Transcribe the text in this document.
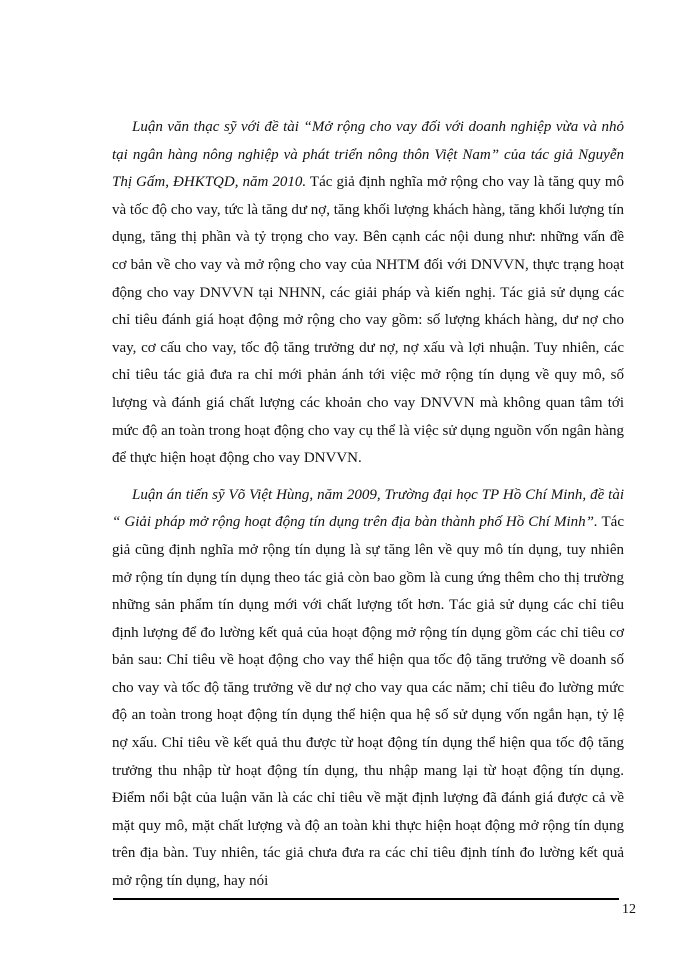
Luận văn thạc sỹ với đề tài “Mở rộng cho vay đối với doanh nghiệp vừa và nhỏ tại ngân hàng nông nghiệp và phát triển nông thôn Việt Nam” của tác giả Nguyễn Thị Gấm, ĐHKTQD, năm 2010. Tác giả định nghĩa mở rộng cho vay là tăng quy mô và tốc độ cho vay, tức là tăng dư nợ, tăng khối lượng khách hàng, tăng khối lượng tín dụng, tăng thị phần và tỷ trọng cho vay. Bên cạnh các nội dung như: những vấn đề cơ bản về cho vay và mở rộng cho vay của NHTM đối với DNVVN, thực trạng hoạt động cho vay DNVVN tại NHNN, các giải pháp và kiến nghị. Tác giả sử dụng các chỉ tiêu đánh giá hoạt động mở rộng cho vay gồm: số lượng khách hàng, dư nợ cho vay, cơ cấu cho vay, tốc độ tăng trưởng dư nợ, nợ xấu và lợi nhuận. Tuy nhiên, các chỉ tiêu tác giả đưa ra chỉ mới phản ánh tới việc mở rộng tín dụng về quy mô, số lượng và đánh giá chất lượng các khoản cho vay DNVVN mà không quan tâm tới mức độ an toàn trong hoạt động cho vay cụ thể là việc sử dụng nguồn vốn ngân hàng để thực hiện hoạt động cho vay DNVVN.

Luận án tiến sỹ Võ Việt Hùng, năm 2009, Trường đại học TP Hồ Chí Minh, đề tài “ Giải pháp mở rộng hoạt động tín dụng trên địa bàn thành phố Hồ Chí Minh”. Tác giả cũng định nghĩa mở rộng tín dụng là sự tăng lên về quy mô tín dụng, tuy nhiên mở rộng tín dụng tín dụng theo tác giả còn bao gồm là cung ứng thêm cho thị trường những sản phẩm tín dụng mới với chất lượng tốt hơn. Tác giả sử dụng các chỉ tiêu định lượng để đo lường kết quả của hoạt động mở rộng tín dụng gồm các chỉ tiêu cơ bản sau: Chỉ tiêu về hoạt động cho vay thể hiện qua tốc độ tăng trưởng về doanh số cho vay và tốc độ tăng trưởng về dư nợ cho vay qua các năm; chỉ tiêu đo lường mức độ an toàn trong hoạt động tín dụng thể hiện qua hệ số sử dụng vốn ngắn hạn, tỷ lệ nợ xấu. Chỉ tiêu về kết quả thu được từ hoạt động tín dụng thể hiện qua tốc độ tăng trưởng thu nhập từ hoạt động tín dụng, thu nhập mang lại từ hoạt động tín dụng. Điểm nổi bật của luận văn là các chỉ tiêu về mặt định lượng đã đánh giá được cả về mặt quy mô, mặt chất lượng và độ an toàn khi thực hiện hoạt động mở rộng tín dụng trên địa bàn. Tuy nhiên, tác giả chưa đưa ra các chỉ tiêu định tính đo lường kết quả mở rộng tín dụng, hay nói

12
